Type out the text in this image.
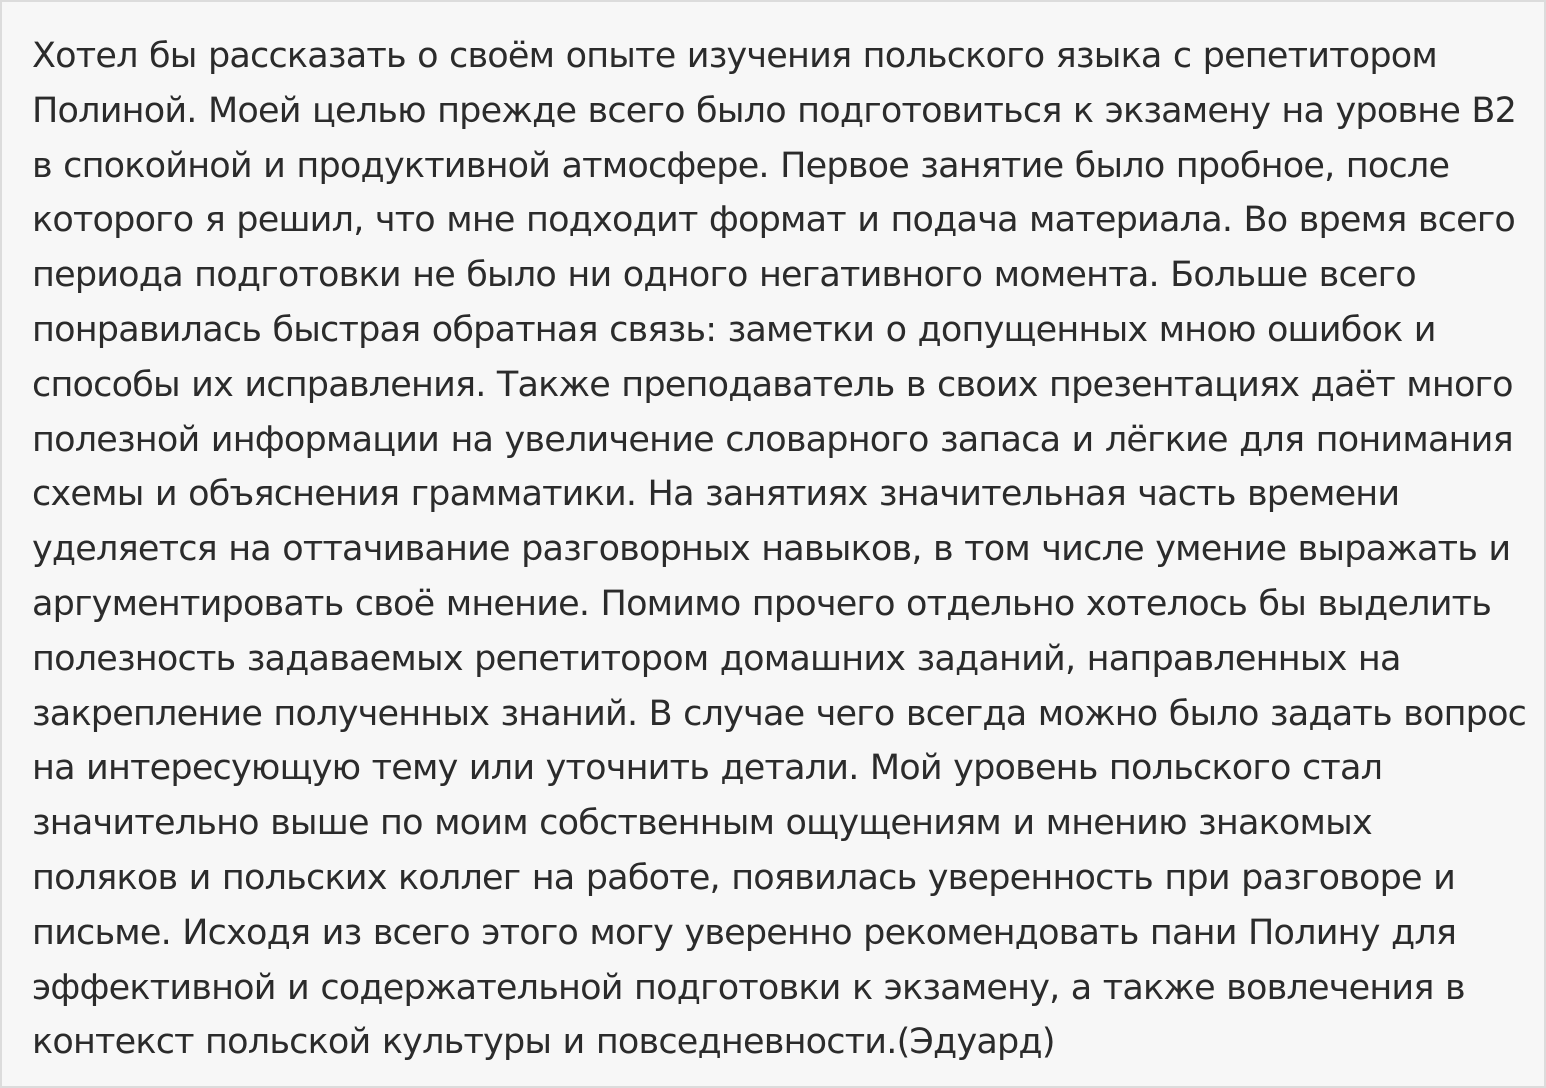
Хотел бы рассказать о своём опыте изучения польского языка с репетитором
Полиной. Моей целью прежде всего было подготовиться к экзамену на уровне B2
в спокойной и продуктивной атмосфере. Первое занятие было пробное, после
которого я решил, что мне подходит формат и подача материала. Во время всего
периода подготовки не было ни одного негативного момента. Больше всего
понравилась быстрая обратная связь: заметки о допущенных мною ошибок и
способы их исправления. Также преподаватель в своих презентациях даёт много
полезной информации на увеличение словарного запаса и лёгкие для понимания
схемы и объяснения грамматики. На занятиях значительная часть времени
уделяется на оттачивание разговорных навыков, в том числе умение выражать и
аргументировать своё мнение. Помимо прочего отдельно хотелось бы выделить
полезность задаваемых репетитором домашних заданий, направленных на
закрепление полученных знаний. В случае чего всегда можно было задать вопрос
на интересующую тему или уточнить детали. Мой уровень польского стал
значительно выше по моим собственным ощущениям и мнению знакомых
поляков и польских коллег на работе, появилась уверенность при разговоре и
письме. Исходя из всего этого могу уверенно рекомендовать пани Полину для
эффективной и содержательной подготовки к экзамену, а также вовлечения в
контекст польской культуры и повседневности.(Эдуард)
